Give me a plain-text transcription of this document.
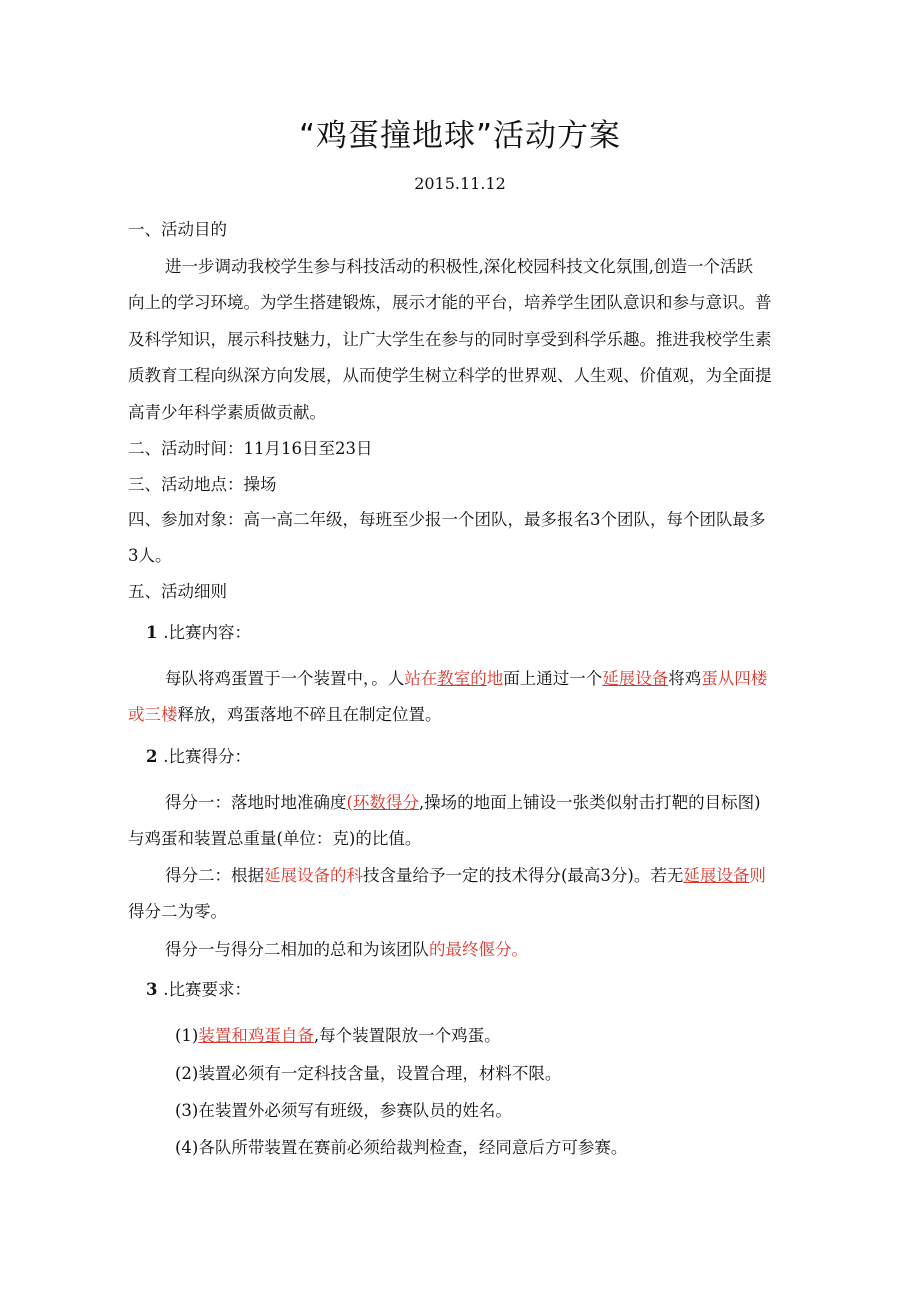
“鸡蛋撞地球”活动方案
2015.11.12
一、活动目的
进一步调动我校学生参与科技活动的积极性,深化校园科技文化氛围,创造一个活跃
向上的学习环境。为学生搭建锻炼，展示才能的平台，培养学生团队意识和参与意识。普
及科学知识，展示科技魅力，让广大学生在参与的同时享受到科学乐趣。推进我校学生素
质教育工程向纵深方向发展，从而使学生树立科学的世界观、人生观、价值观，为全面提
高青少年科学素质做贡献。
二、活动时间：11月16日至23日
三、活动地点：操场
四、参加对象：高一高二年级，每班至少报一个团队，最多报名3个团队，每个团队最多
3人。
五、活动细则
1 .比赛内容：
每队将鸡蛋置于一个装置中，。人站在教室的地面上通过一个延展设备将鸡蛋从四楼
或三楼释放，鸡蛋落地不碎且在制定位置。
2 .比赛得分：
得分一：落地时地准确度(环数得分,操场的地面上铺设一张类似射击打靶的目标图)
与鸡蛋和装置总重量(单位：克)的比值。
得分二：根据延展设备的科技含量给予一定的技术得分(最高3分)。若无延展设备则
得分二为零。
得分一与得分二相加的总和为该团队的最终偃分。
3 .比赛要求：
(1)装置和鸡蛋自备,每个装置限放一个鸡蛋。
(2)装置必须有一定科技含量，设置合理，材料不限。
(3)在装置外必须写有班级，参赛队员的姓名。
(4)各队所带装置在赛前必须给裁判检查，经同意后方可参赛。
